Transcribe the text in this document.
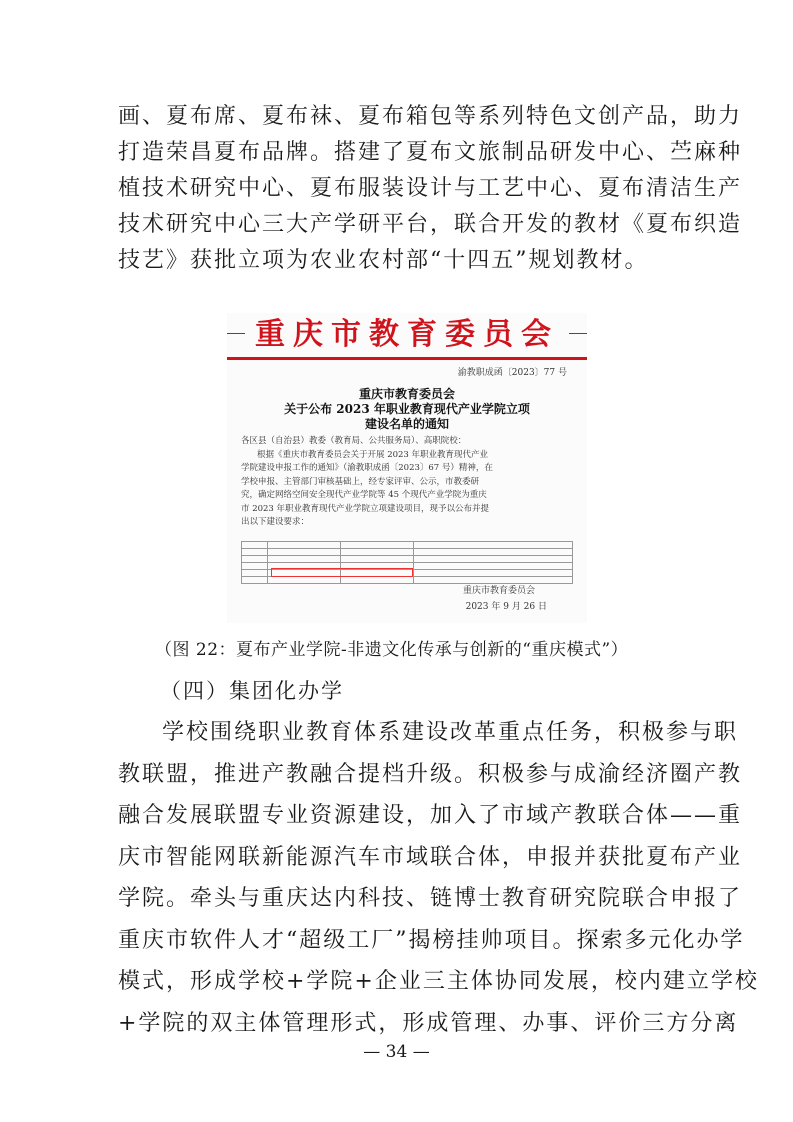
画、夏布席、夏布袜、夏布箱包等系列特色文创产品，助力
打造荣昌夏布品牌。搭建了夏布文旅制品研发中心、苎麻种
植技术研究中心、夏布服装设计与工艺中心、夏布清洁生产
技术研究中心三大产学研平台，联合开发的教材《夏布织造
技艺》获批立项为农业农村部“十四五”规划教材。
重庆市教育委员会
渝教职成函〔2023〕77 号
重庆市教育委员会
关于公布 2023 年职业教育现代产业学院立项
建设名单的通知
各区县（自治县）教委（教育局、公共服务局）、高职院校：
根据《重庆市教育委员会关于开展 2023 年职业教育现代产业
学院建设申报工作的通知》（渝教职成函〔2023〕67 号）精神，在
学校申报、主管部门审核基础上，经专家评审、公示，市教委研
究，确定网络空间安全现代产业学院等 45 个现代产业学院为重庆
市 2023 年职业教育现代产业学院立项建设项目，现予以公布并提
出以下建设要求：

重庆市教育委员会
2023 年 9 月 26 日

（图 22：夏布产业学院-非遗文化传承与创新的“重庆模式”）

（四）集团化办学

学校围绕职业教育体系建设改革重点任务，积极参与职
教联盟，推进产教融合提档升级。积极参与成渝经济圈产教
融合发展联盟专业资源建设，加入了市域产教联合体——重
庆市智能网联新能源汽车市域联合体，申报并获批夏布产业
学院。牵头与重庆达内科技、链博士教育研究院联合申报了
重庆市软件人才“超级工厂”揭榜挂帅项目。探索多元化办学
模式，形成学校+学院+企业三主体协同发展，校内建立学校
+学院的双主体管理形式，形成管理、办事、评价三方分离
— 34 —
